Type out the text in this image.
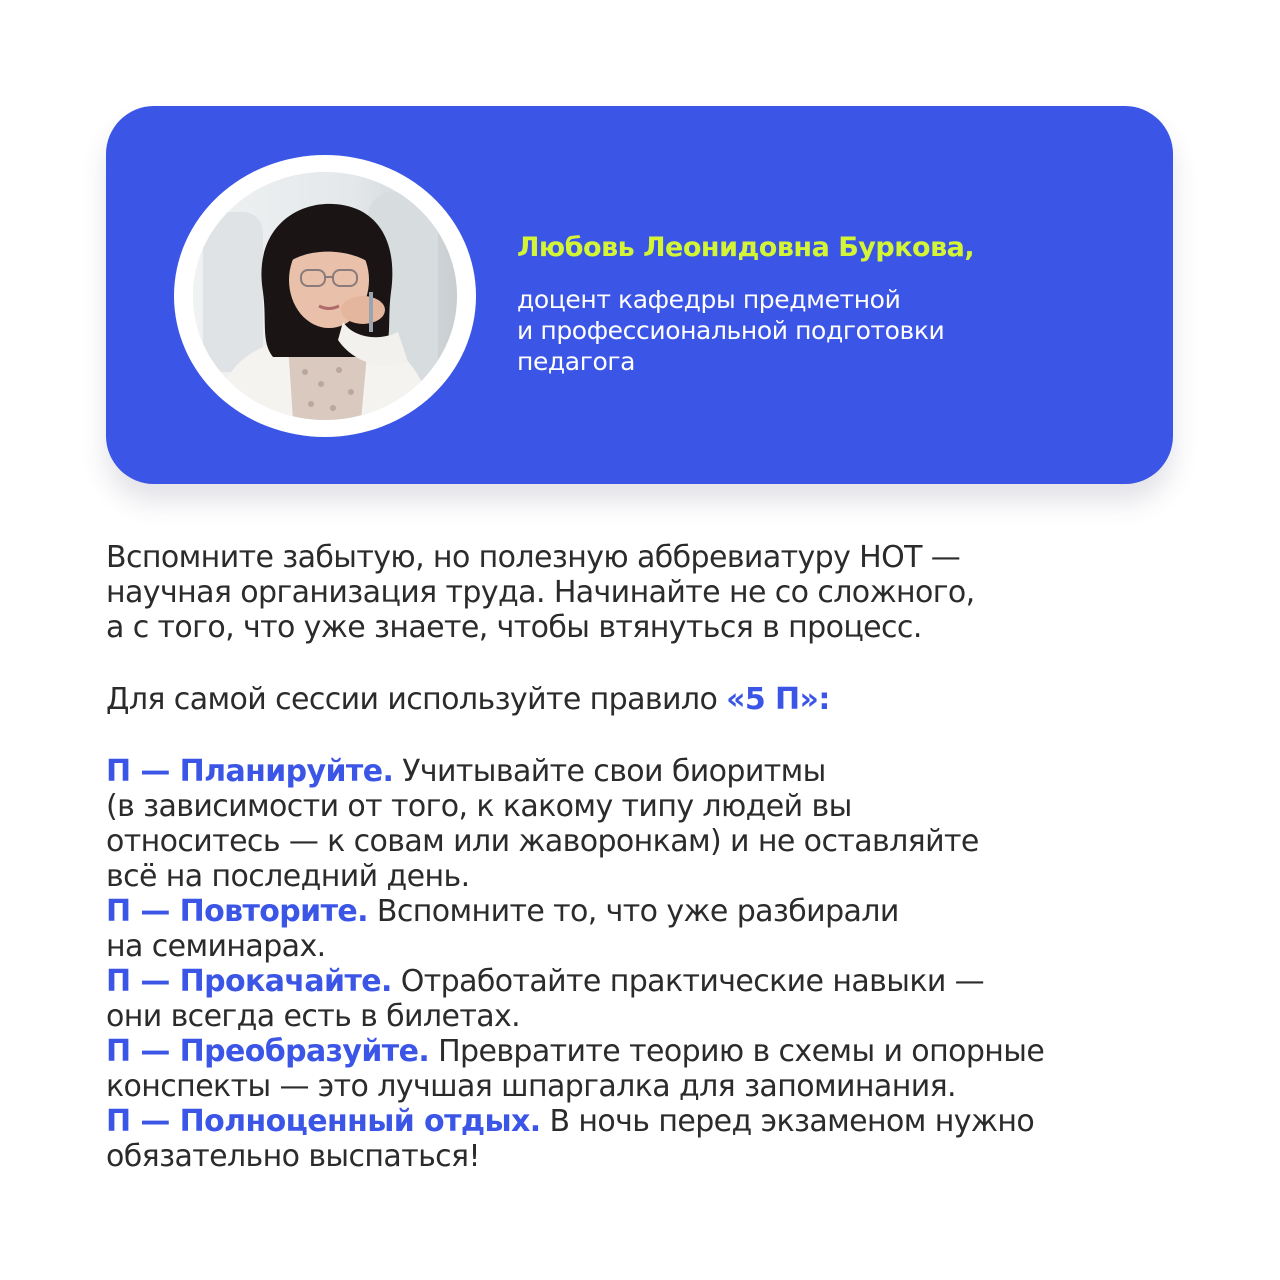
Любовь Леонидовна Буркова,
доцент кафедры предметной
и профессиональной подготовки
педагога
Вспомните забытую, но полезную аббревиатуру НОТ —
научная организация труда. Начинайте не со сложного,
а с того, что уже знаете, чтобы втянуться в процесс.
Для самой сессии используйте правило «5 П»:
П — Планируйте. Учитывайте свои биоритмы
(в зависимости от того, к какому типу людей вы
относитесь — к совам или жаворонкам) и не оставляйте
всё на последний день.
П — Повторите. Вспомните то, что уже разбирали
на семинарах.
П — Прокачайте. Отработайте практические навыки —
они всегда есть в билетах.
П — Преобразуйте. Превратите теорию в схемы и опорные
конспекты — это лучшая шпаргалка для запоминания.
П — Полноценный отдых. В ночь перед экзаменом нужно
обязательно выспаться!
